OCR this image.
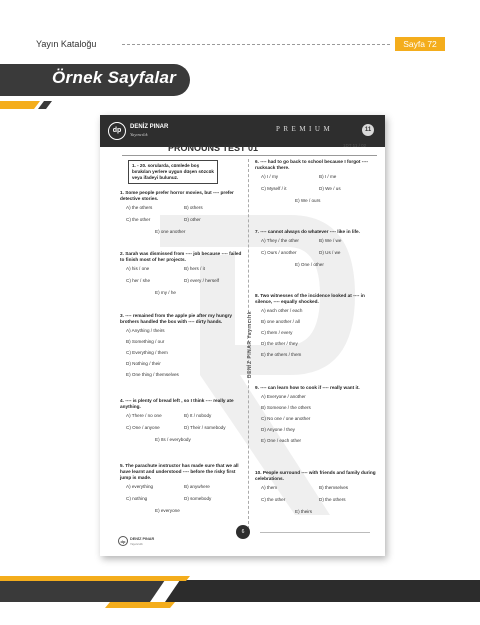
Yayın Kataloğu	Sayfa 72
Örnek Sayfalar
dp	DENİZ PINAR
Yayıncılık
PREMIUM	11
PRONOUNS TEST 01	1DT 11 / 02
DENİZ PINAR Yayıncılık
1. - 20. sorularda, cümlede boş bırakılan yerlere uygun düşen sözcük veya ifadeyi bulunuz.
1. Some people prefer horror movies, but ---- prefer detective stories.
A) the others	B) others
C) the other	D) other
E) one another
2. Sarah was dismissed from ---- job because ---- failed to finish most of her projects.
A) his / one	B) hers / it
C) her / she	D) every / herself
E) my / he
3. ---- remained from the apple pie after my hungry brothers handled the box with ---- dirty hands.
A) Anything / theirs
B) Something / our
C) Everything / them
D) Nothing / their
E) One thing / themselves
4. ---- is plenty of bread left , so I think ---- really ate anything.
A) There / no one	B) It / nobody
C) One / anyone	D) Their / somebody
E) Its / everybody
5. The parachute instructor has made sure that we all have learnt and understood ---- before the risky first jump is made.
A) everything	B) anywhere
C) nothing	D) somebody
E) everyone
6. ---- had to go back to school because I forgot ---- rucksack there.
A) I / my	B) I / me
C) Myself / it	D) We / us
E) We / ours
7. ---- cannot always do whatever ---- like in life.
A) They / the other	B) We / we
C) Ours / another	D) Us / we
E) One / other
8. Two witnesses of the incidence looked at ---- in silence, ---- equally shocked.
A) each other / each
B) one another / all
C) them / every
D) the other / they
E) the others / them
9. ---- can learn how to cook if ---- really want it.
A) Everyone / another
B) Someone / the others
C) No one / one another
D) Anyone / they
E) One / each other
10. People surround ---- with friends and family during celebrations.
A) them	B) themselves
C) the other	D) the others
E) theirs
6
dp	DENİZ PINAR
Yayıncılık
